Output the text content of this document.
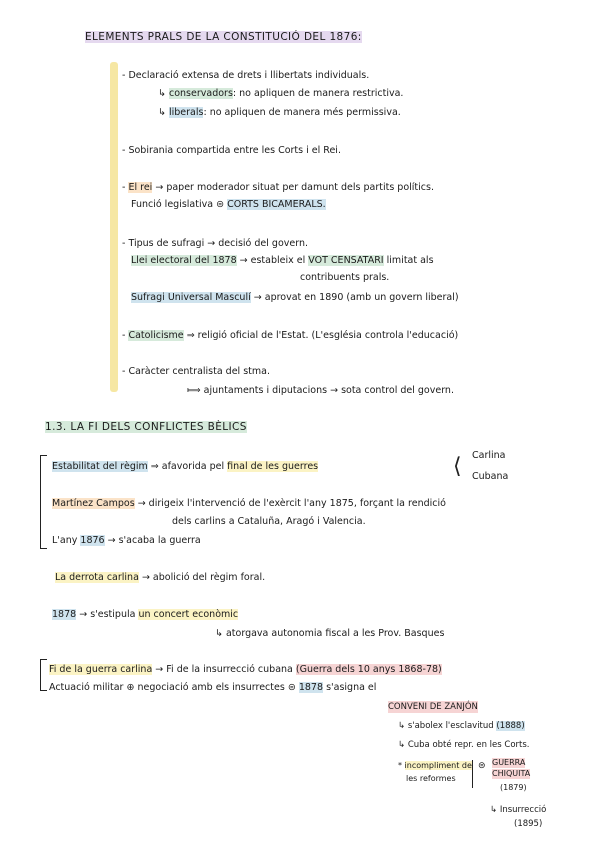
ELEMENTS PRALS DE LA CONSTITUCIÓ DEL 1876:
- Declaració extensa de drets i llibertats individuals.
↳ conservadors: no apliquen de manera restrictiva.
↳ liberals: no apliquen de manera més permissiva.
- Sobirania compartida entre les Corts i el Rei.
- El rei → paper moderador situat per damunt dels partits polítics.
Funció legislativa ⊜ CORTS BICAMERALS.
- Tipus de sufragi → decisió del govern.
Llei electoral del 1878 → estableix el VOT CENSATARI limitat als
contribuents prals.
Sufragi Universal Masculí → aprovat en 1890 (amb un govern liberal)
- Catolicisme ⇒ religió oficial de l'Estat. (L'església controla l'educació)
- Caràcter centralista del stma.
⟾ ajuntaments i diputacions → sota control del govern.
1.3. LA FI DELS CONFLICTES BÈLICS
Estabilitat del règim ⇒ afavorida pel final de les guerres	⟨ Carlina
Cubana
Martínez Campos → dirigeix l'intervenció de l'exèrcit l'any 1875, forçant la rendició
dels carlins a Cataluña, Aragó i Valencia.
L'any 1876 → s'acaba la guerra
La derrota carlina → abolició del règim foral.
1878 → s'estipula un concert econòmic
↳ atorgava autonomia fiscal a les Prov. Basques
Fi de la guerra carlina → Fi de la insurrecció cubana (Guerra dels 10 anys 1868-78)
Actuació militar ⊕ negociació amb els insurrectes ⊜ 1878 s'asigna el
CONVENI DE ZANJÓN
↳ s'abolex l'esclavitud (1888)
↳ Cuba obté repr. en les Corts.
* incompliment de
les reformes
⊜ GUERRA
CHIQUITA
(1879)
↳ Insurrecció
(1895)
